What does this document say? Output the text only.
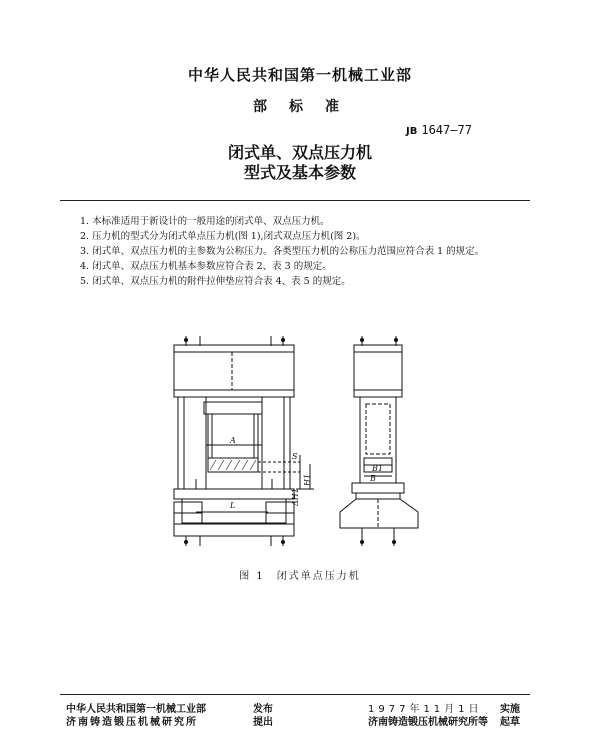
中华人民共和国第一机械工业部
部标准
JB 1647—77
闭式单、双点压力机
型式及基本参数
1. 本标准适用于新设计的一般用途的闭式单、双点压力机。
2. 压力机的型式分为闭式单点压力机(图 1),闭式双点压力机(图 2)。
3. 闭式单、双点压力机的主参数为公称压力。各类型压力机的公称压力范围应符合表 1 的规定。
4. 闭式单、双点压力机基本参数应符合表 2、表 3 的规定。
5. 闭式单、双点压力机的附件拉伸垫应符合表 4、表 5 的规定。
A
S
H1
ΔH1
L
B1
B
图 1　闭式单点压力机
中华人民共和国第一机械工业部	发布
济南铸造锻压机械研究所	提出
1977年11月1日 实施
济南铸造锻压机械研究所等 起草
